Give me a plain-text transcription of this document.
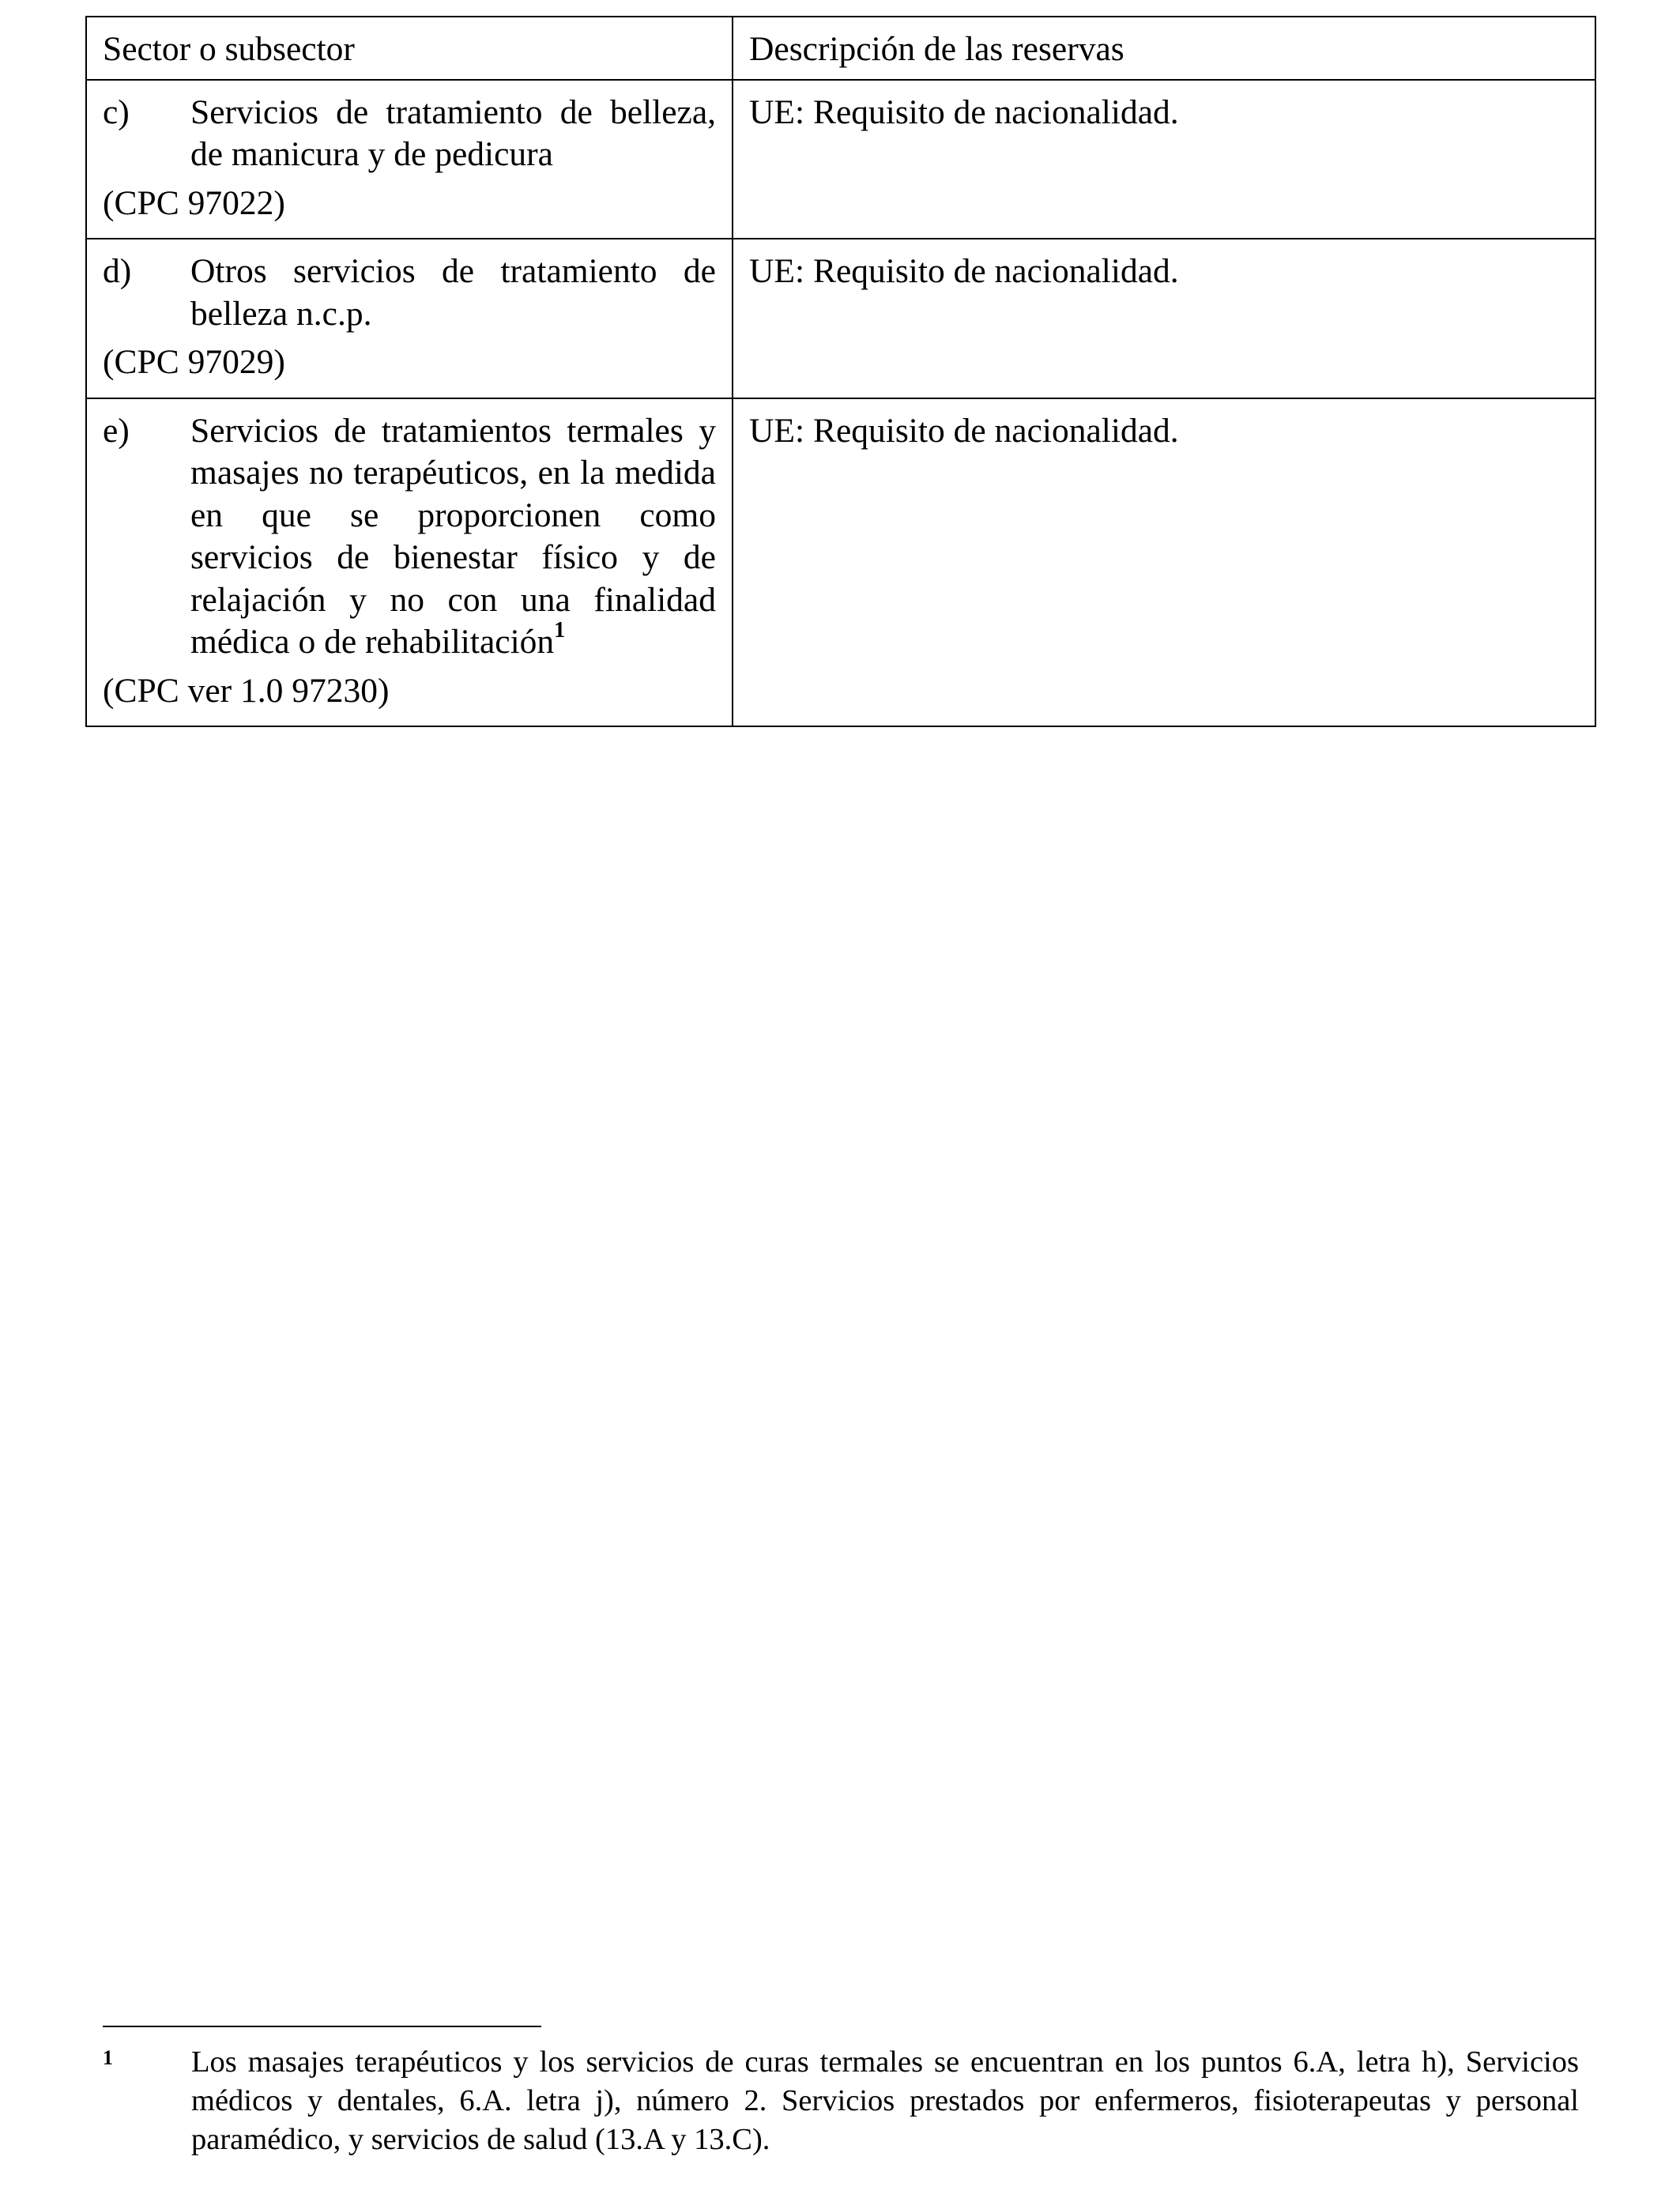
Sector o subsector	Descripción de las reservas

c) Servicios de tratamiento de belleza, de manicura y de pedicura
(CPC 97022)	UE: Requisito de nacionalidad.

d) Otros servicios de tratamiento de belleza n.c.p.
(CPC 97029)	UE: Requisito de nacionalidad.

e) Servicios de tratamientos termales y masajes no terapéuticos, en la medida en que se proporcionen como servicios de bienestar físico y de relajación y no con una finalidad médica o de rehabilitación$^1$
(CPC ver 1.0 97230)	UE: Requisito de nacionalidad.
1	Los masajes terapéuticos y los servicios de curas termales se encuentran en los puntos 6.A, letra h), Servicios médicos y dentales, 6.A. letra j), número 2. Servicios prestados por enfermeros, fisioterapeutas y personal paramédico, y servicios de salud (13.A y 13.C).
